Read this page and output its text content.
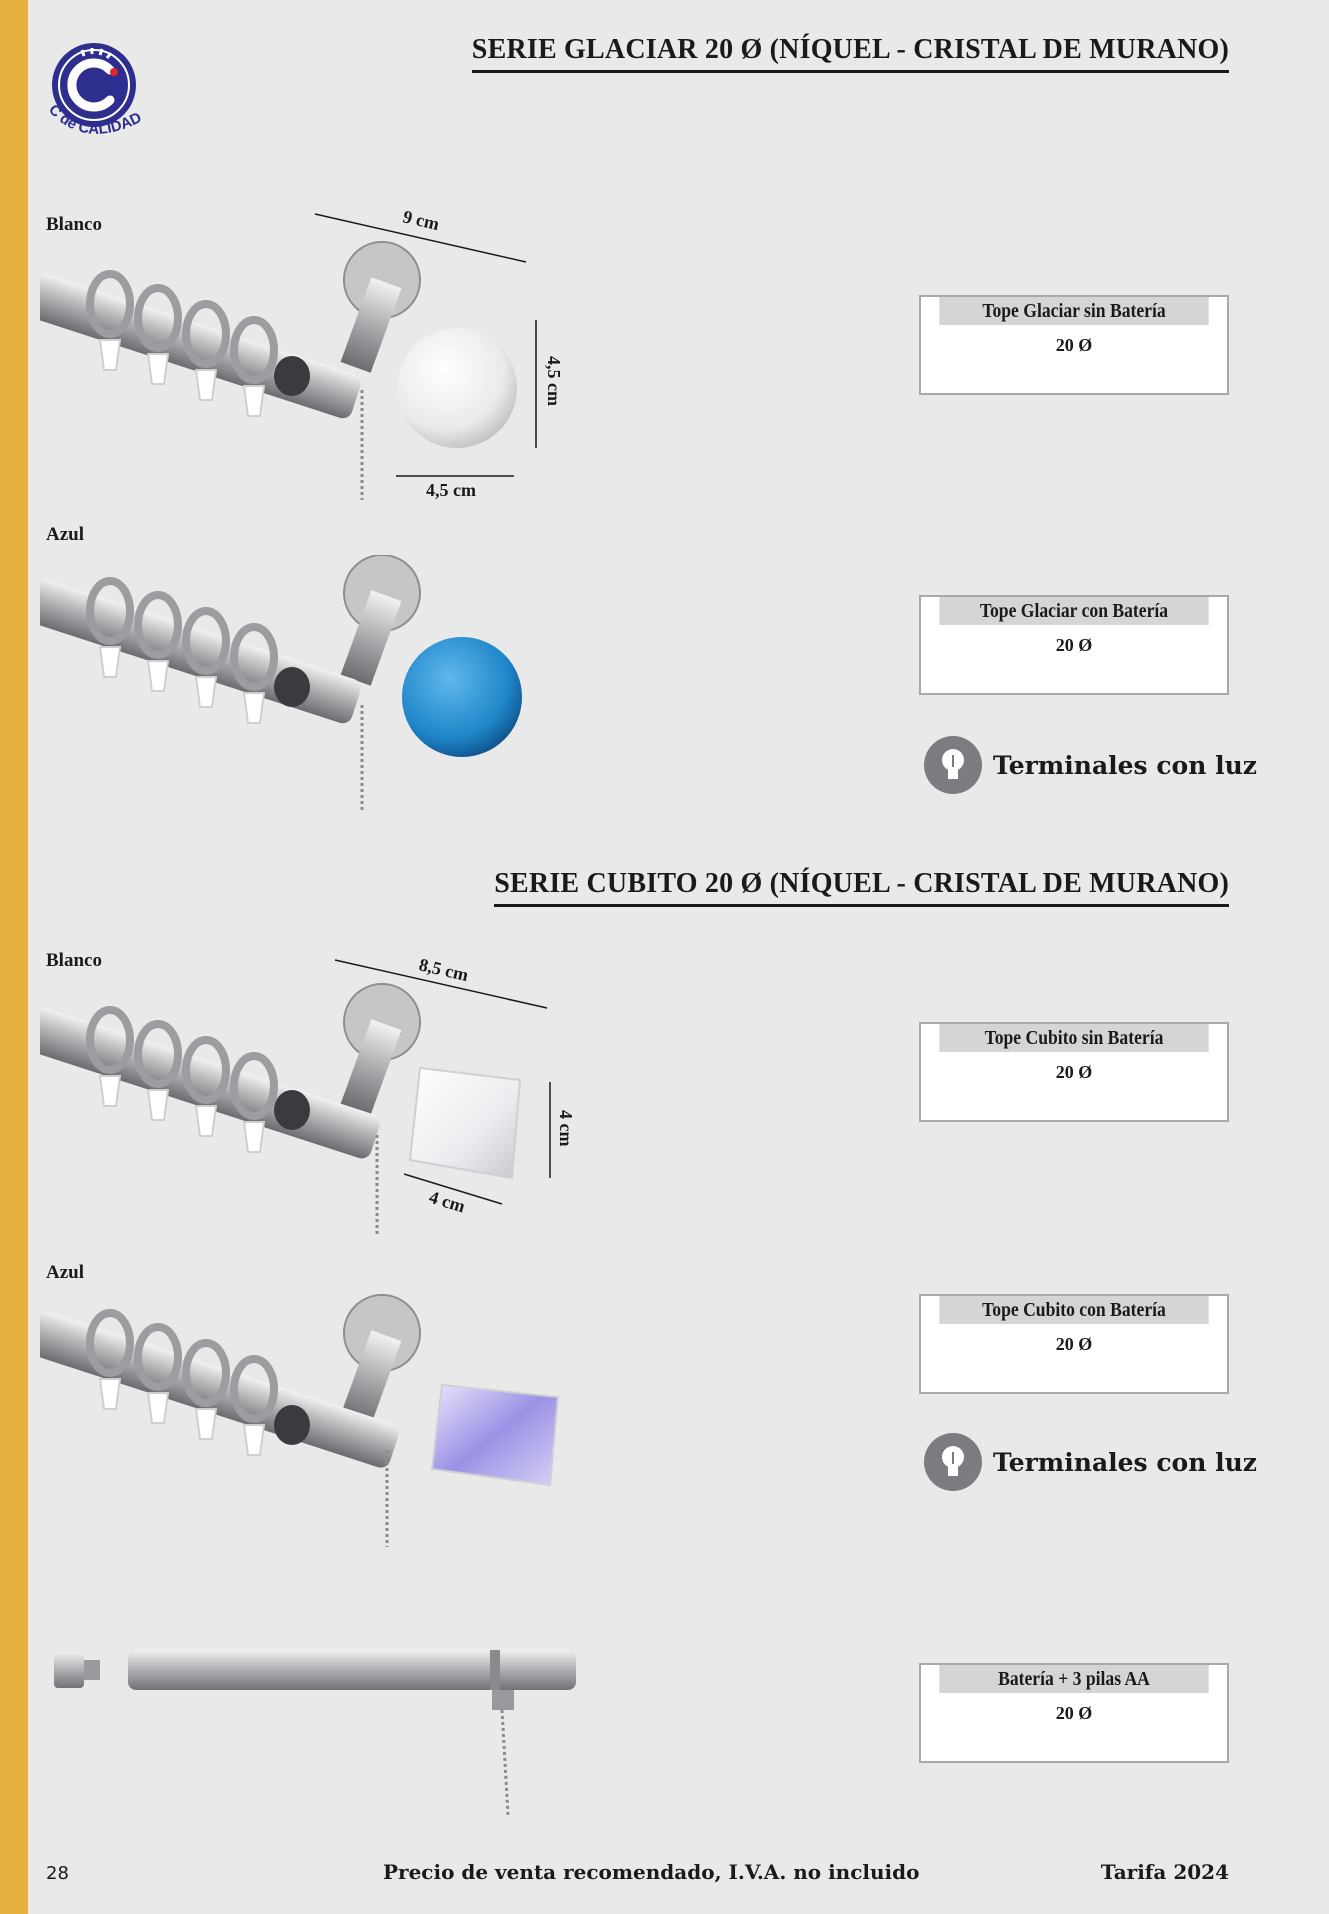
C de CALIDAD
SERIE GLACIAR 20 Ø (NÍQUEL - CRISTAL DE MURANO)
Blanco	9 cm
4,5 cm
4,5 cm
Tope Glaciar sin Batería
20 Ø
Azul
Tope Glaciar con Batería
20 Ø
Terminales con luz
SERIE CUBITO 20 Ø (NÍQUEL - CRISTAL DE MURANO)
Blanco	8,5 cm
4 cm
4 cm
Tope Cubito sin Batería
20 Ø
Azul
Tope Cubito con Batería
20 Ø
Terminales con luz
Batería + 3 pilas AA
20 Ø
28	Precio de venta recomendado, I.V.A. no incluido	Tarifa 2024
